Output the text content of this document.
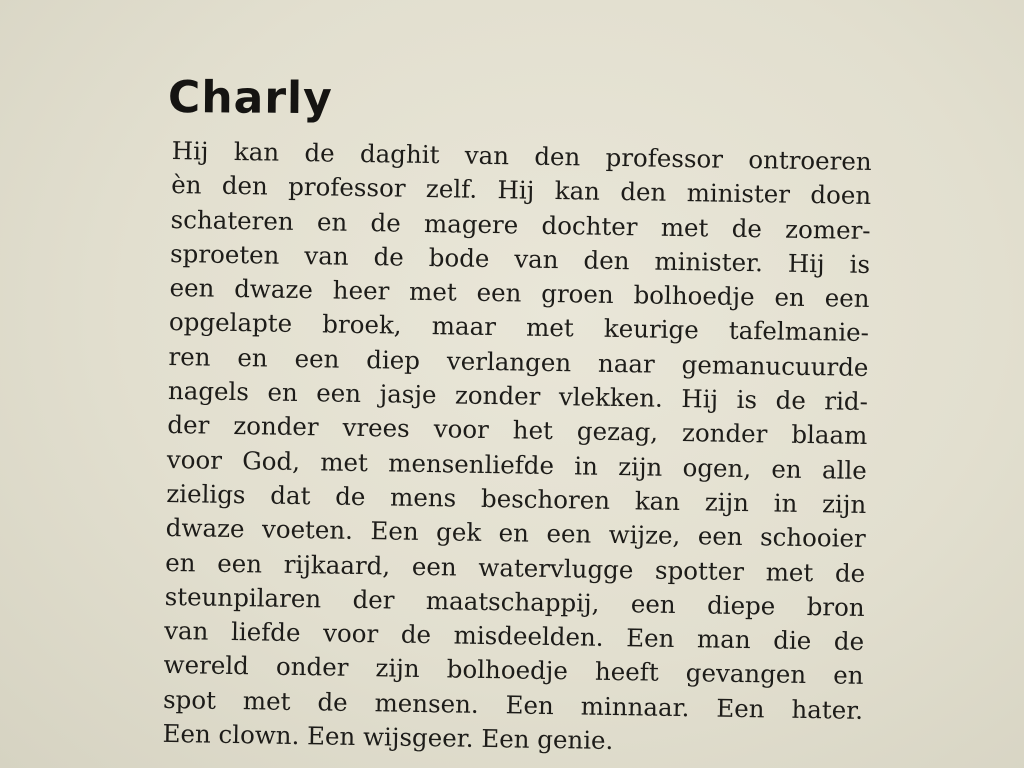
Charly
Hij kan de daghit van den professor ontroeren
èn den professor zelf. Hij kan den minister doen
schateren en de magere dochter met de zomer-
sproeten van de bode van den minister. Hij is
een dwaze heer met een groen bolhoedje en een
opgelapte broek, maar met keurige tafelmanie-
ren en een diep verlangen naar gemanucuurde
nagels en een jasje zonder vlekken. Hij is de rid-
der zonder vrees voor het gezag, zonder blaam
voor God, met mensenliefde in zijn ogen, en alle
zieligs dat de mens beschoren kan zijn in zijn
dwaze voeten. Een gek en een wijze, een schooier
en een rijkaard, een watervlugge spotter met de
steunpilaren der maatschappij, een diepe bron
van liefde voor de misdeelden. Een man die de
wereld onder zijn bolhoedje heeft gevangen en
spot met de mensen. Een minnaar. Een hater.
Een clown. Een wijsgeer. Een genie.
